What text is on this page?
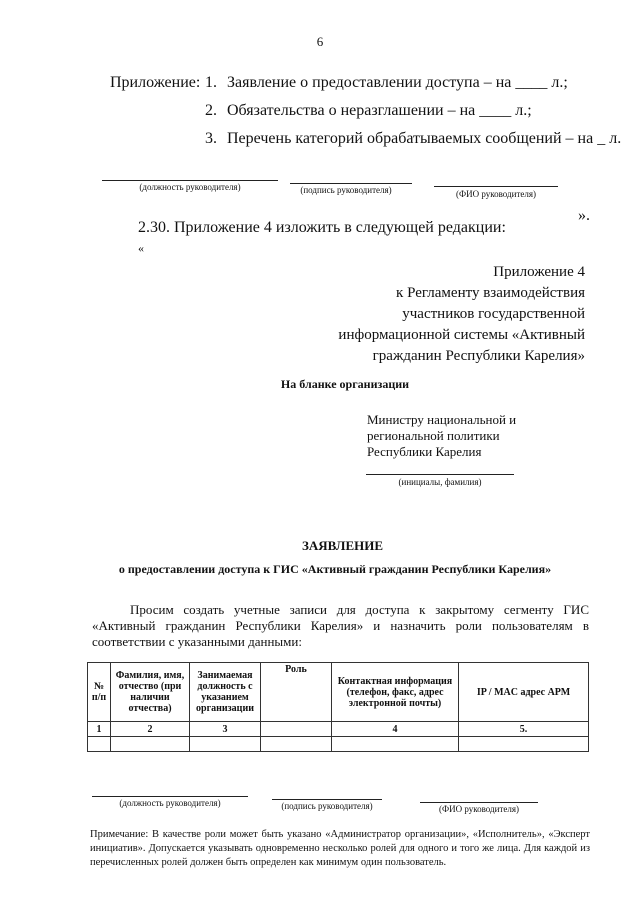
6
Приложение: 1. Заявление о предоставлении доступа – на ____ л.;
2. Обязательства о неразглашении – на ____ л.;
3. Перечень категорий обрабатываемых сообщений – на _ л.
(должность руководителя)	(подпись руководителя)	(ФИО руководителя)
2.30. Приложение 4 изложить в следующей редакции:
».
«
Приложение 4
к Регламенту взаимодействия
участников государственной
информационной системы «Активный
гражданин Республики Карелия»
На бланке организации
Министру национальной и
региональной политики
Республики Карелия
(инициалы, фамилия)
ЗАЯВЛЕНИЕ
о предоставлении доступа к ГИС «Активный гражданин Республики Карелия»
Просим создать учетные записи для доступа к закрытому сегменту ГИС «Активный гражданин Республики Карелия» и назначить роли пользователям в соответствии с указанными данными:
№ п/п	Фамилия, имя, отчество (при наличии отчества)	Занимаемая должность с указанием организации	Роль	Контактная информация (телефон, факс, адрес электронной почты)	IP / MAC адрес АРМ
1	2	3		4	5.

(должность руководителя)	(подпись руководителя)	(ФИО руководителя)
Примечание: В качестве роли может быть указано «Администратор организации», «Исполнитель», «Эксперт инициатив». Допускается указывать одновременно несколько ролей для одного и того же лица. Для каждой из перечисленных ролей должен быть определен как минимум один пользователь.
